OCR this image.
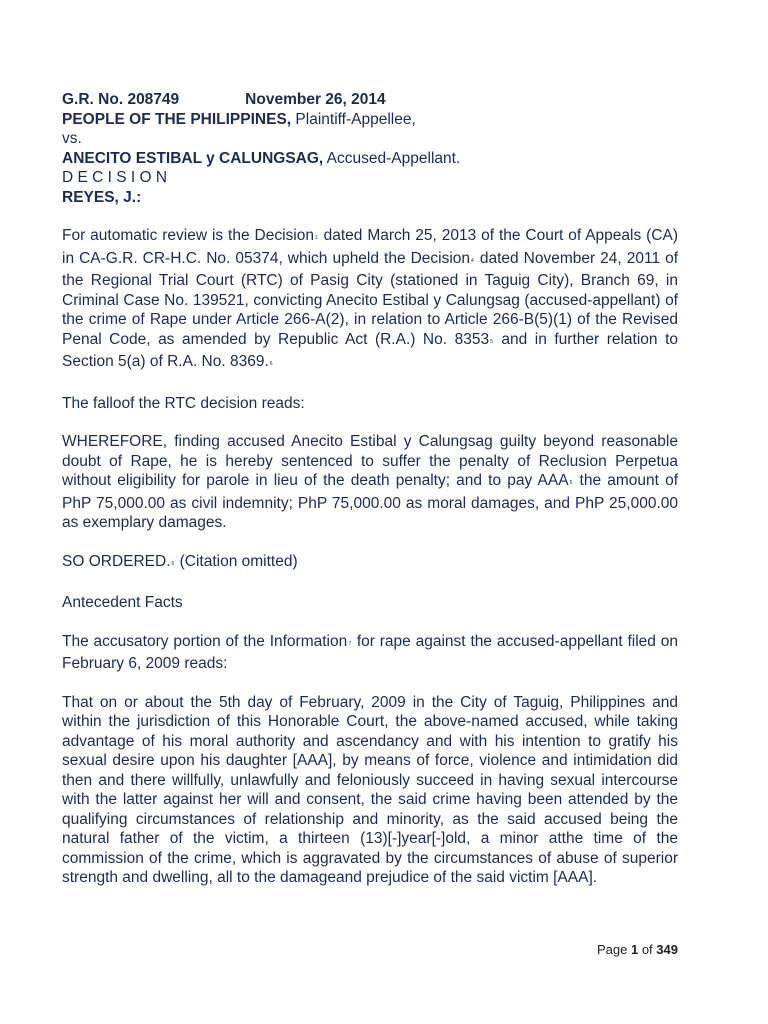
G.R. No. 208749	November 26, 2014
PEOPLE OF THE PHILIPPINES, Plaintiff-Appellee,
vs.
ANECITO ESTIBAL y CALUNGSAG, Accused-Appellant.
D E C I S I O N
REYES, J.:

For automatic review is the Decision$^1$ dated March 25, 2013 of the Court of Appeals (CA) in CA-G.R. CR-H.C. No. 05374, which upheld the Decision$^4$ dated November 24, 2011 of the Regional Trial Court (RTC) of Pasig City (stationed in Taguig City), Branch 69, in Criminal Case No. 139521, convicting Anecito Estibal y Calungsag (accused-appellant) of the crime of Rape under Article 266-A(2), in relation to Article 266-B(5)(1) of the Revised Penal Code, as amended by Republic Act (R.A.) No. 8353$^5$ and in further relation to Section 5(a) of R.A. No. 8369.$^6$

The falloof the RTC decision reads:

WHEREFORE, finding accused Anecito Estibal y Calungsag guilty beyond reasonable doubt of Rape, he is hereby sentenced to suffer the penalty of Reclusion Perpetua without eligibility for parole in lieu of the death penalty; and to pay AAA$^5$ the amount of PhP 75,000.00 as civil indemnity; PhP 75,000.00 as moral damages, and PhP 25,000.00 as exemplary damages.

SO ORDERED.$^6$ (Citation omitted)

Antecedent Facts

The accusatory portion of the Information$^7$ for rape against the accused-appellant filed on February 6, 2009 reads:

That on or about the 5th day of February, 2009 in the City of Taguig, Philippines and within the jurisdiction of this Honorable Court, the above-named accused, while taking advantage of his moral authority and ascendancy and with his intention to gratify his sexual desire upon his daughter [AAA], by means of force, violence and intimidation did then and there willfully, unlawfully and feloniously succeed in having sexual intercourse with the latter against her will and consent, the said crime having been attended by the qualifying circumstances of relationship and minority, as the said accused being the natural father of the victim, a thirteen (13)[-]year[-]old, a minor atthe time of the commission of the crime, which is aggravated by the circumstances of abuse of superior strength and dwelling, all to the damageand prejudice of the said victim [AAA].

Page 1 of 349
